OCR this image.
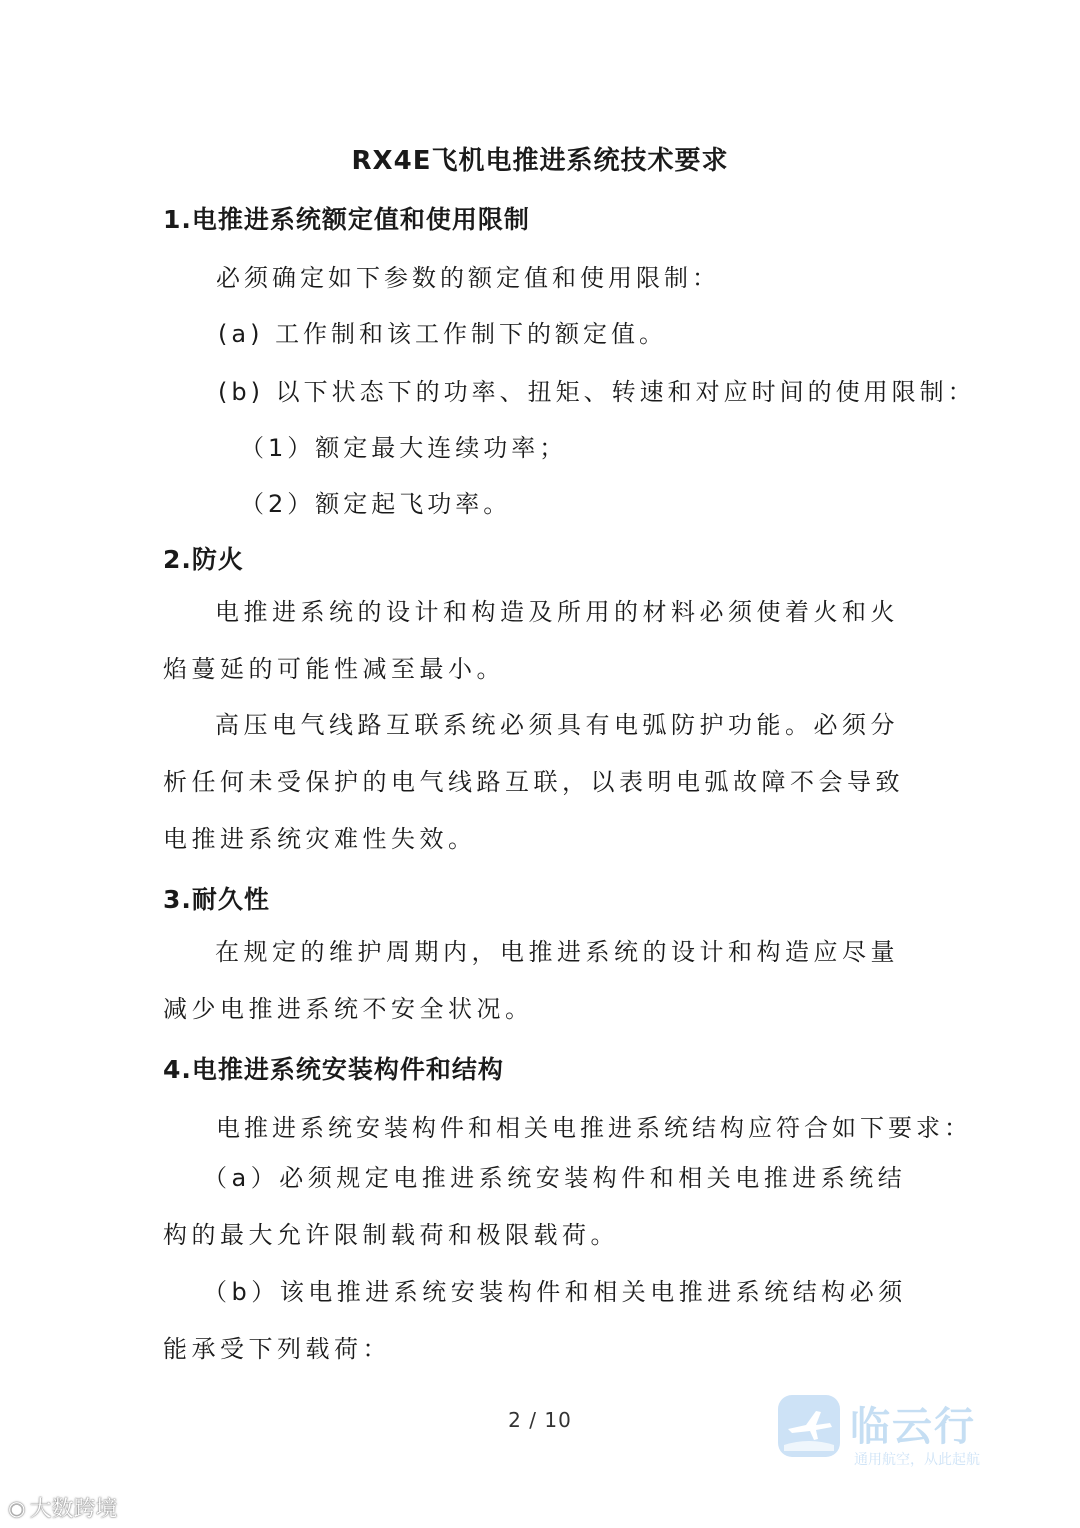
RX4E飞机电推进系统技术要求
1.电推进系统额定值和使用限制
必须确定如下参数的额定值和使用限制：
(a) 工作制和该工作制下的额定值。
(b) 以下状态下的功率、扭矩、转速和对应时间的使用限制：
（1）额定最大连续功率；
（2）额定起飞功率。
2.防火
电推进系统的设计和构造及所用的材料必须使着火和火焰蔓延的可能性减至最小。
高压电气线路互联系统必须具有电弧防护功能。必须分析任何未受保护的电气线路互联，以表明电弧故障不会导致电推进系统灾难性失效。
3.耐久性
在规定的维护周期内，电推进系统的设计和构造应尽量减少电推进系统不安全状况。
4.电推进系统安装构件和结构
电推进系统安装构件和相关电推进系统结构应符合如下要求：
（a）必须规定电推进系统安装构件和相关电推进系统结构的最大允许限制载荷和极限载荷。
（b）该电推进系统安装构件和相关电推进系统结构必须能承受下列载荷：
2 / 10	临云行
通用航空，从此起航
◉ 大数跨境
